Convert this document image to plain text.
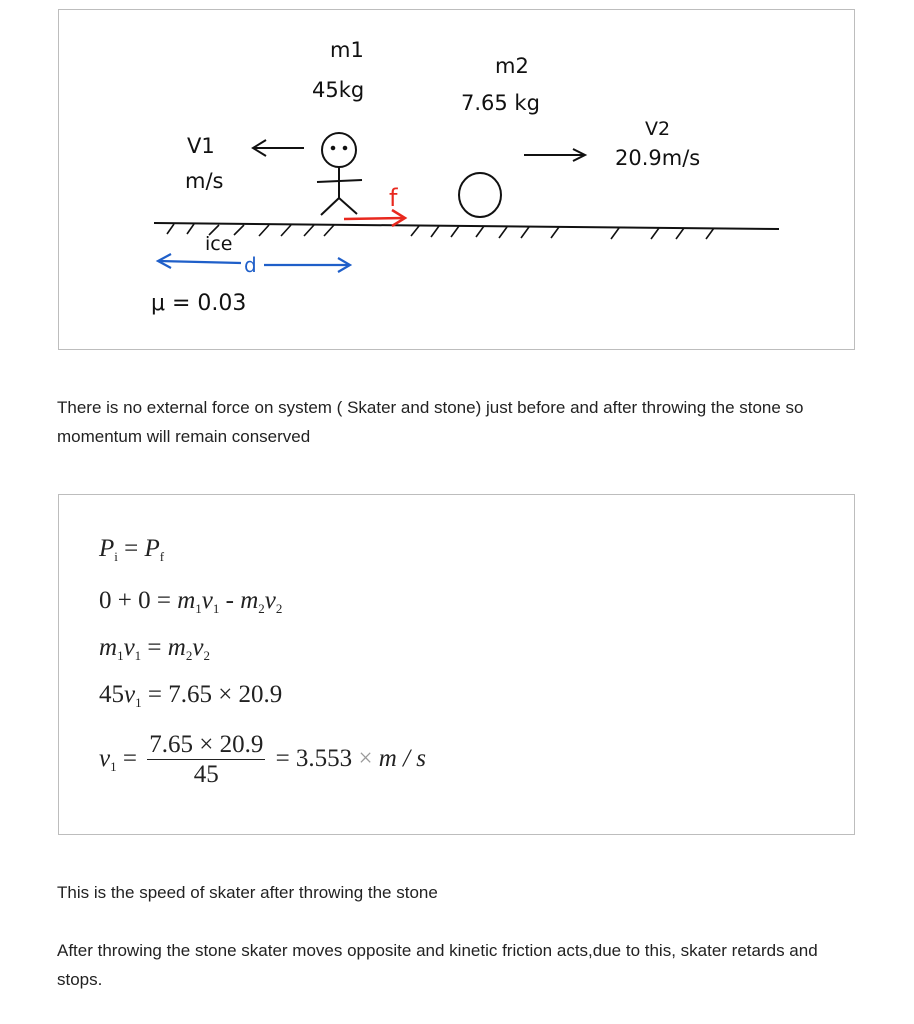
m1
45kg
m2
7.65 kg
V1
m/s
V2
20.9m/s
f
ice
d
μ = 0.03

There is no external force on system ( Skater and stone) just before and after throwing the stone so momentum will remain conserved

$P_i = P_f$
$0 + 0 = m_1v_1 - m_2v_2$
$m_1v_1 = m_2v_2$
$45v_1 = 7.65 \times 20.9$
$v_1 = \frac{7.65 \times 20.9}{45} = 3.553 \times m / s$

This is the speed of skater after throwing the stone

After throwing the stone skater moves opposite and kinetic friction acts,due to this, skater retards and stops.
